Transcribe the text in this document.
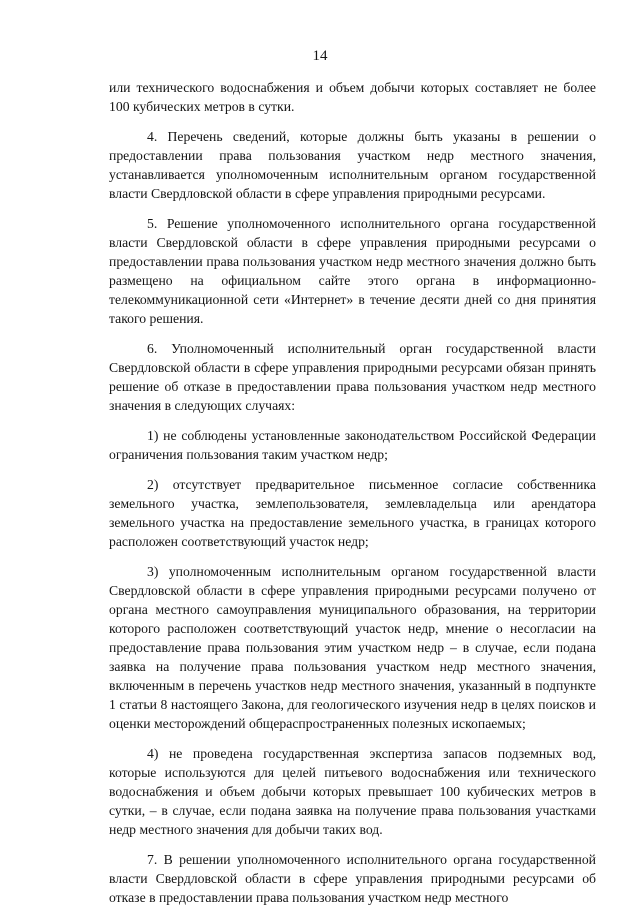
14

или технического водоснабжения и объем добычи которых составляет не более 100 кубических метров в сутки.

4. Перечень сведений, которые должны быть указаны в решении о предоставлении права пользования участком недр местного значения, устанавливается уполномоченным исполнительным органом государственной власти Свердловской области в сфере управления природными ресурсами.

5. Решение уполномоченного исполнительного органа государственной власти Свердловской области в сфере управления природными ресурсами о предоставлении права пользования участком недр местного значения должно быть размещено на официальном сайте этого органа в информационно-телекоммуникационной сети «Интернет» в течение десяти дней со дня принятия такого решения.

6. Уполномоченный исполнительный орган государственной власти Свердловской области в сфере управления природными ресурсами обязан принять решение об отказе в предоставлении права пользования участком недр местного значения в следующих случаях:

1) не соблюдены установленные законодательством Российской Федерации ограничения пользования таким участком недр;

2) отсутствует предварительное письменное согласие собственника земельного участка, землепользователя, землевладельца или арендатора земельного участка на предоставление земельного участка, в границах которого расположен соответствующий участок недр;

3) уполномоченным исполнительным органом государственной власти Свердловской области в сфере управления природными ресурсами получено от органа местного самоуправления муниципального образования, на территории которого расположен соответствующий участок недр, мнение о несогласии на предоставление права пользования этим участком недр – в случае, если подана заявка на получение права пользования участком недр местного значения, включенным в перечень участков недр местного значения, указанный в подпункте 1 статьи 8 настоящего Закона, для геологического изучения недр в целях поисков и оценки месторождений общераспространенных полезных ископаемых;

4) не проведена государственная экспертиза запасов подземных вод, которые используются для целей питьевого водоснабжения или технического водоснабжения и объем добычи которых превышает 100 кубических метров в сутки, – в случае, если подана заявка на получение права пользования участками недр местного значения для добычи таких вод.

7. В решении уполномоченного исполнительного органа государственной власти Свердловской области в сфере управления природными ресурсами об отказе в предоставлении права пользования участком недр местного
